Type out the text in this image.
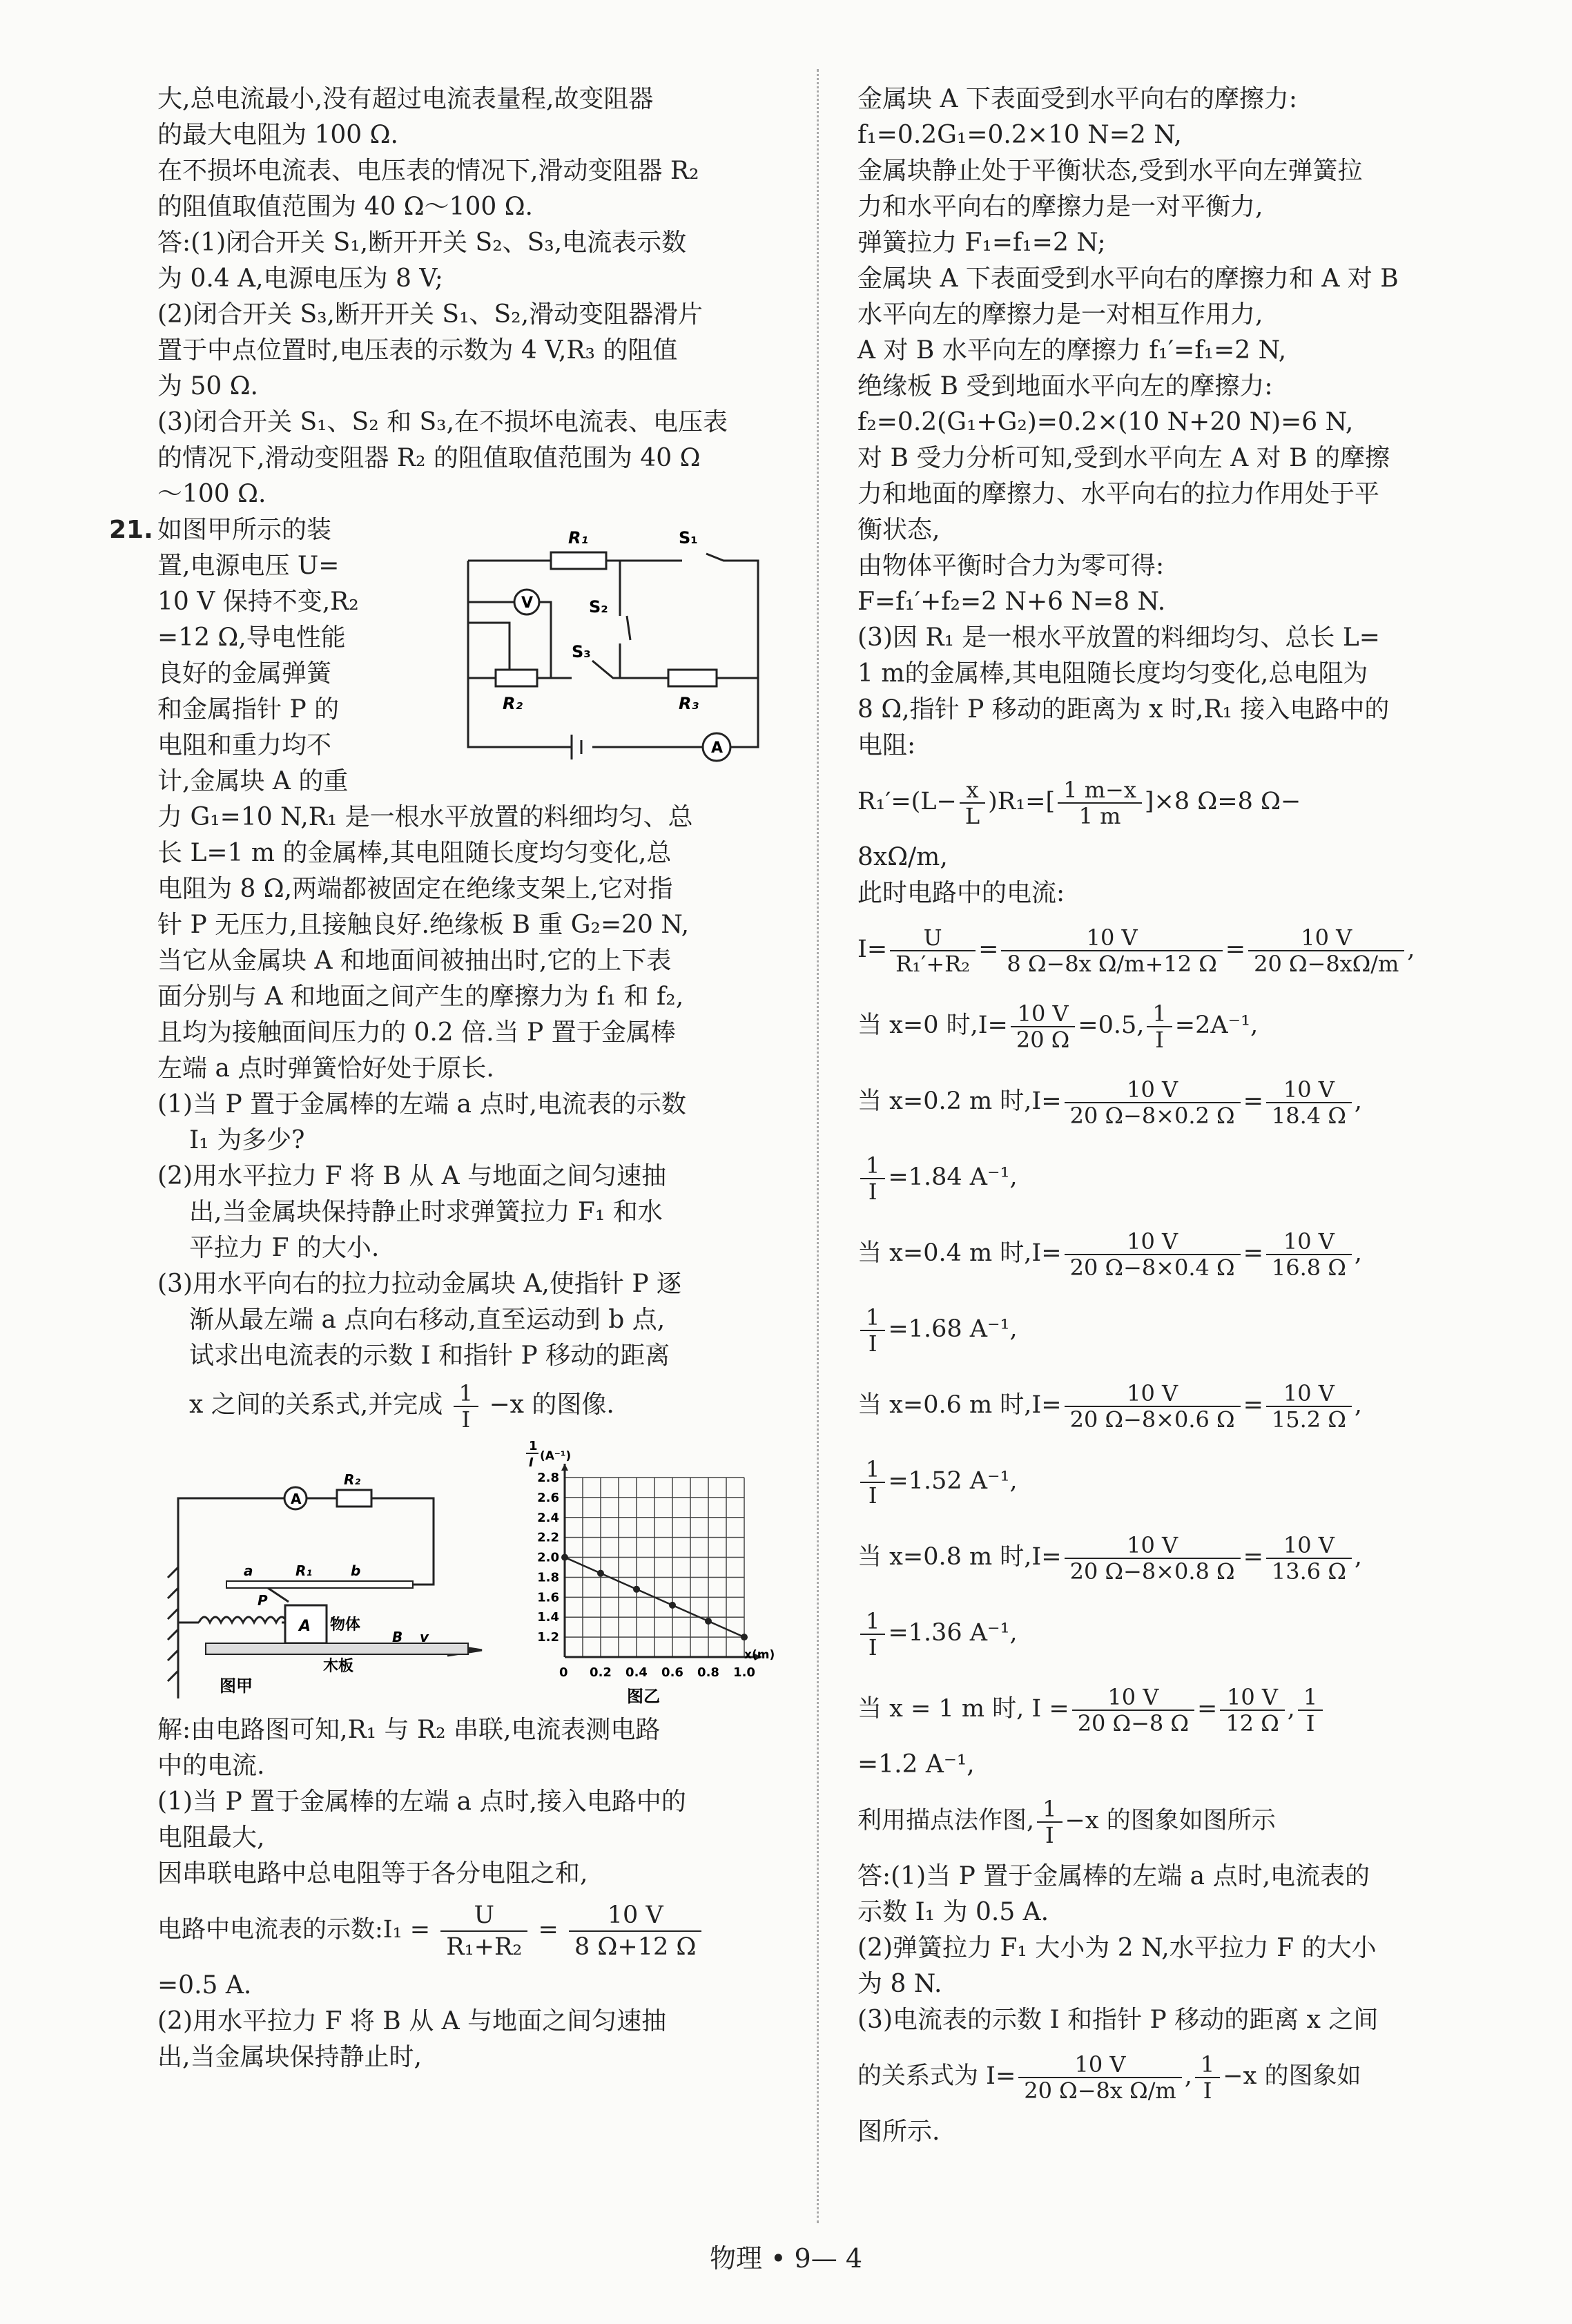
大,总电流最小,没有超过电流表量程,故变阻器

的最大电阻为 100 Ω.

在不损坏电流表、电压表的情况下,滑动变阻器 R₂

的阻值取值范围为 40 Ω～100 Ω.

答:(1)闭合开关 S₁,断开开关 S₂、S₃,电流表示数

为 0.4 A,电源电压为 8 V;

(2)闭合开关 S₃,断开开关 S₁、S₂,滑动变阻器滑片

置于中点位置时,电压表的示数为 4 V,R₃ 的阻值

为 50 Ω.

(3)闭合开关 S₁、S₂ 和 S₃,在不损坏电流表、电压表

的情况下,滑动变阻器 R₂ 的阻值取值范围为 40 Ω

～100 Ω.

21. 如图甲所示的装

置,电源电压 U=

10 V 保持不变,R₂

=12 Ω,导电性能

良好的金属弹簧

和金属指针 P 的

电阻和重力均不

计,金属块 A 的重

R₁	S₁
S₂
S₃
R₂	R₃
V
A

力 G₁=10 N,R₁ 是一根水平放置的料细均匀、总

长 L=1 m 的金属棒,其电阻随长度均匀变化,总

电阻为 8 Ω,两端都被固定在绝缘支架上,它对指

针 P 无压力,且接触良好.绝缘板 B 重 G₂=20 N,

当它从金属块 A 和地面间被抽出时,它的上下表

面分别与 A 和地面之间产生的摩擦力为 f₁ 和 f₂,

且均为接触面间压力的 0.2 倍.当 P 置于金属棒

左端 a 点时弹簧恰好处于原长.

(1)当 P 置于金属棒的左端 a 点时,电流表的示数

I₁ 为多少?

(2)用水平拉力 F 将 B 从 A 与地面之间匀速抽

出,当金属块保持静止时求弹簧拉力 F₁ 和水

平拉力 F 的大小.

(3)用水平向右的拉力拉动金属块 A,使指针 P 逐

渐从最左端 a 点向右移动,直至运动到 b 点,

试求出电流表的示数 I 和指针 P 移动的距离

x 之间的关系式,并完成 $\frac{1}{I} -x$ 的图像.

A
R₂
a	R₁	b
P
A 物体
B v
木板
图甲
1.2
1.6
2.0
2.4
2.8
1.4
1.8
2.2
2.6
0.2 0.4 0.6 0.8 1.0
1
I (A⁻¹)
x(m)
0
图乙

解:由电路图可知,R₁ 与 R₂ 串联,电流表测电路

中的电流.

(1)当 P 置于金属棒的左端 a 点时,接入电路中的

电阻最大,

因串联电路中总电阻等于各分电阻之和,

电路中电流表的示数:I₁ = $\frac{U}{\text{R₁+R₂}} = \frac{10 V}{8 \Omega+12 \Omega}$

=0.5 A.

(2)用水平拉力 F 将 B 从 A 与地面之间匀速抽

出,当金属块保持静止时,

金属块 A 下表面受到水平向右的摩擦力:

f₁=0.2G₁=0.2×10 N=2 N,

金属块静止处于平衡状态,受到水平向左弹簧拉

力和水平向右的摩擦力是一对平衡力,

弹簧拉力 F₁=f₁=2 N;

金属块 A 下表面受到水平向右的摩擦力和 A 对 B

水平向左的摩擦力是一对相互作用力,

A 对 B 水平向左的摩擦力 f₁′=f₁=2 N,

绝缘板 B 受到地面水平向左的摩擦力:

f₂=0.2(G₁+G₂)=0.2×(10 N+20 N)=6 N,

对 B 受力分析可知,受到水平向左 A 对 B 的摩擦

力和地面的摩擦力、水平向右的拉力作用处于平

衡状态,

由物体平衡时合力为零可得:

F=f₁′+f₂=2 N+6 N=8 N.

(3)因 R₁ 是一根水平放置的料细均匀、总长 L=

1 m的金属棒,其电阻随长度均匀变化,总电阻为

8 Ω,指针 P 移动的距离为 x 时,R₁ 接入电路中的

电阻:

$R_1'=(L- \frac{x}{L} )R_1=[ \frac{1 m-x}{1 m} ]\times 8$ Ω=8 Ω−

8xΩ/m,

此时电路中的电流:

$I= \frac{U}{\text{R₁′+R₂}} = \frac{10 V}{\text{8 Ω−8x Ω/m+12 Ω}} = \frac{10 V}{20 \Omega-8x\Omega/m}$ ,

当 x=0 时$,I= \frac{10 V}{20 \Omega} =0.5$, $\frac{1}{I} =2A^{-1}$,

当 x=0.2 m 时$,I= \frac{10 V}{20 \Omega-8\times 0.2 \Omega} = \frac{10 V}{18.4 \Omega}$ ,

$\frac{1}{I} =1.84$ A⁻¹,

当 x=0.4 m 时$,I= \frac{10 V}{20 \Omega-8\times 0.4 \Omega} = \frac{10 V}{16.8 \Omega}$ ,

$\frac{1}{I} =1.68$ A⁻¹,

当 x=0.6 m 时$,I= \frac{10 V}{20 \Omega-8\times 0.6 \Omega} = \frac{10 V}{15.2 \Omega}$ ,

$\frac{1}{I} =1.52$ A⁻¹,

当 x=0.8 m 时$,I= \frac{10 V}{20 \Omega-8\times 0.8 \Omega} = \frac{10 V}{13.6 \Omega}$ ,

$\frac{1}{I} =1.36$ A⁻¹,

当 x = 1 m 时, $I = \frac{10 V}{20 \Omega-8 \Omega} = \frac{10 V}{12 \Omega}$ , $\frac{1}{I}$

=1.2 A⁻¹,

利用描点法作图, $\frac{1}{I} -x$ 的图象如图所示

答:(1)当 P 置于金属棒的左端 a 点时,电流表的

示数 I₁ 为 0.5 A.

(2)弹簧拉力 F₁ 大小为 2 N,水平拉力 F 的大小

为 8 N.

(3)电流表的示数 I 和指针 P 移动的距离 x 之间

的关系式为 $I= \frac{10 V}{\text{20 Ω−8x Ω/m}}$ , $\frac{1}{I} -x$ 的图象如

图所示.

物理 • 9— 4
